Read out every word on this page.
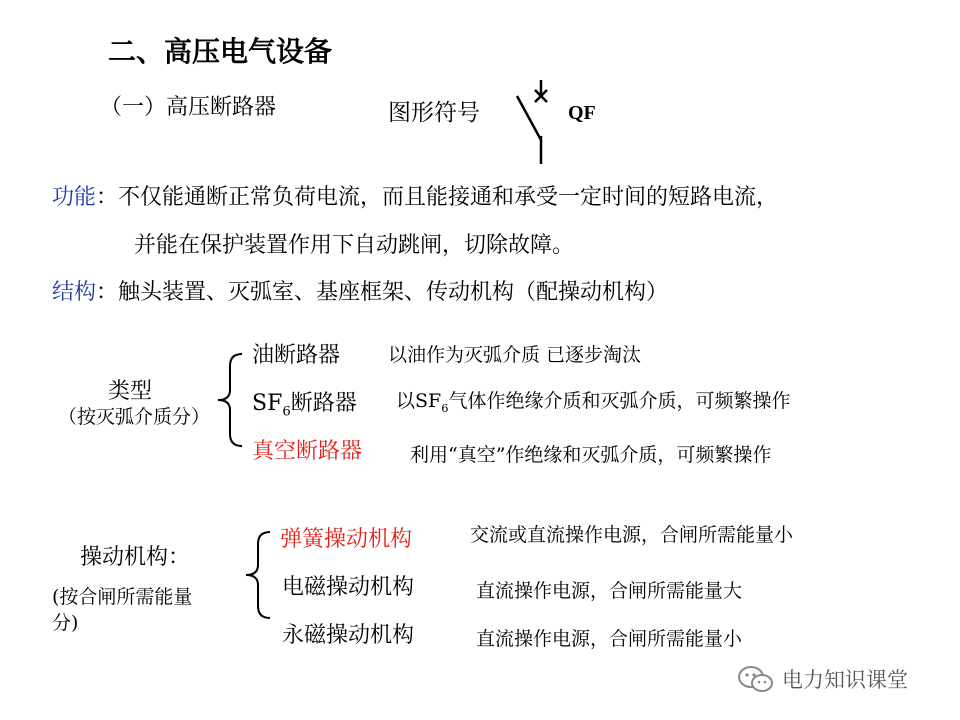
二、高压电气设备
（一）高压断路器	图形符号	QF
功能：不仅能通断正常负荷电流，而且能接通和承受一定时间的短路电流，
并能在保护装置作用下自动跳闸，切除故障。
结构：触头装置、灭弧室、基座框架、传动机构（配操动机构）
类型
（按灭弧介质分）
油断路器	以油作为灭弧介质 已逐步淘汰
$SF_6$断路器 以$SF_6$气体作绝缘介质和灭弧介质，可频繁操作
真空断路器	利用“真空”作绝缘和灭弧介质，可频繁操作
操动机构：
(按合闸所需能量
分)
弹簧操动机构	交流或直流操作电源，合闸所需能量小
电磁操动机构	直流操作电源，合闸所需能量大
永磁操动机构	直流操作电源，合闸所需能量小
电力知识课堂
